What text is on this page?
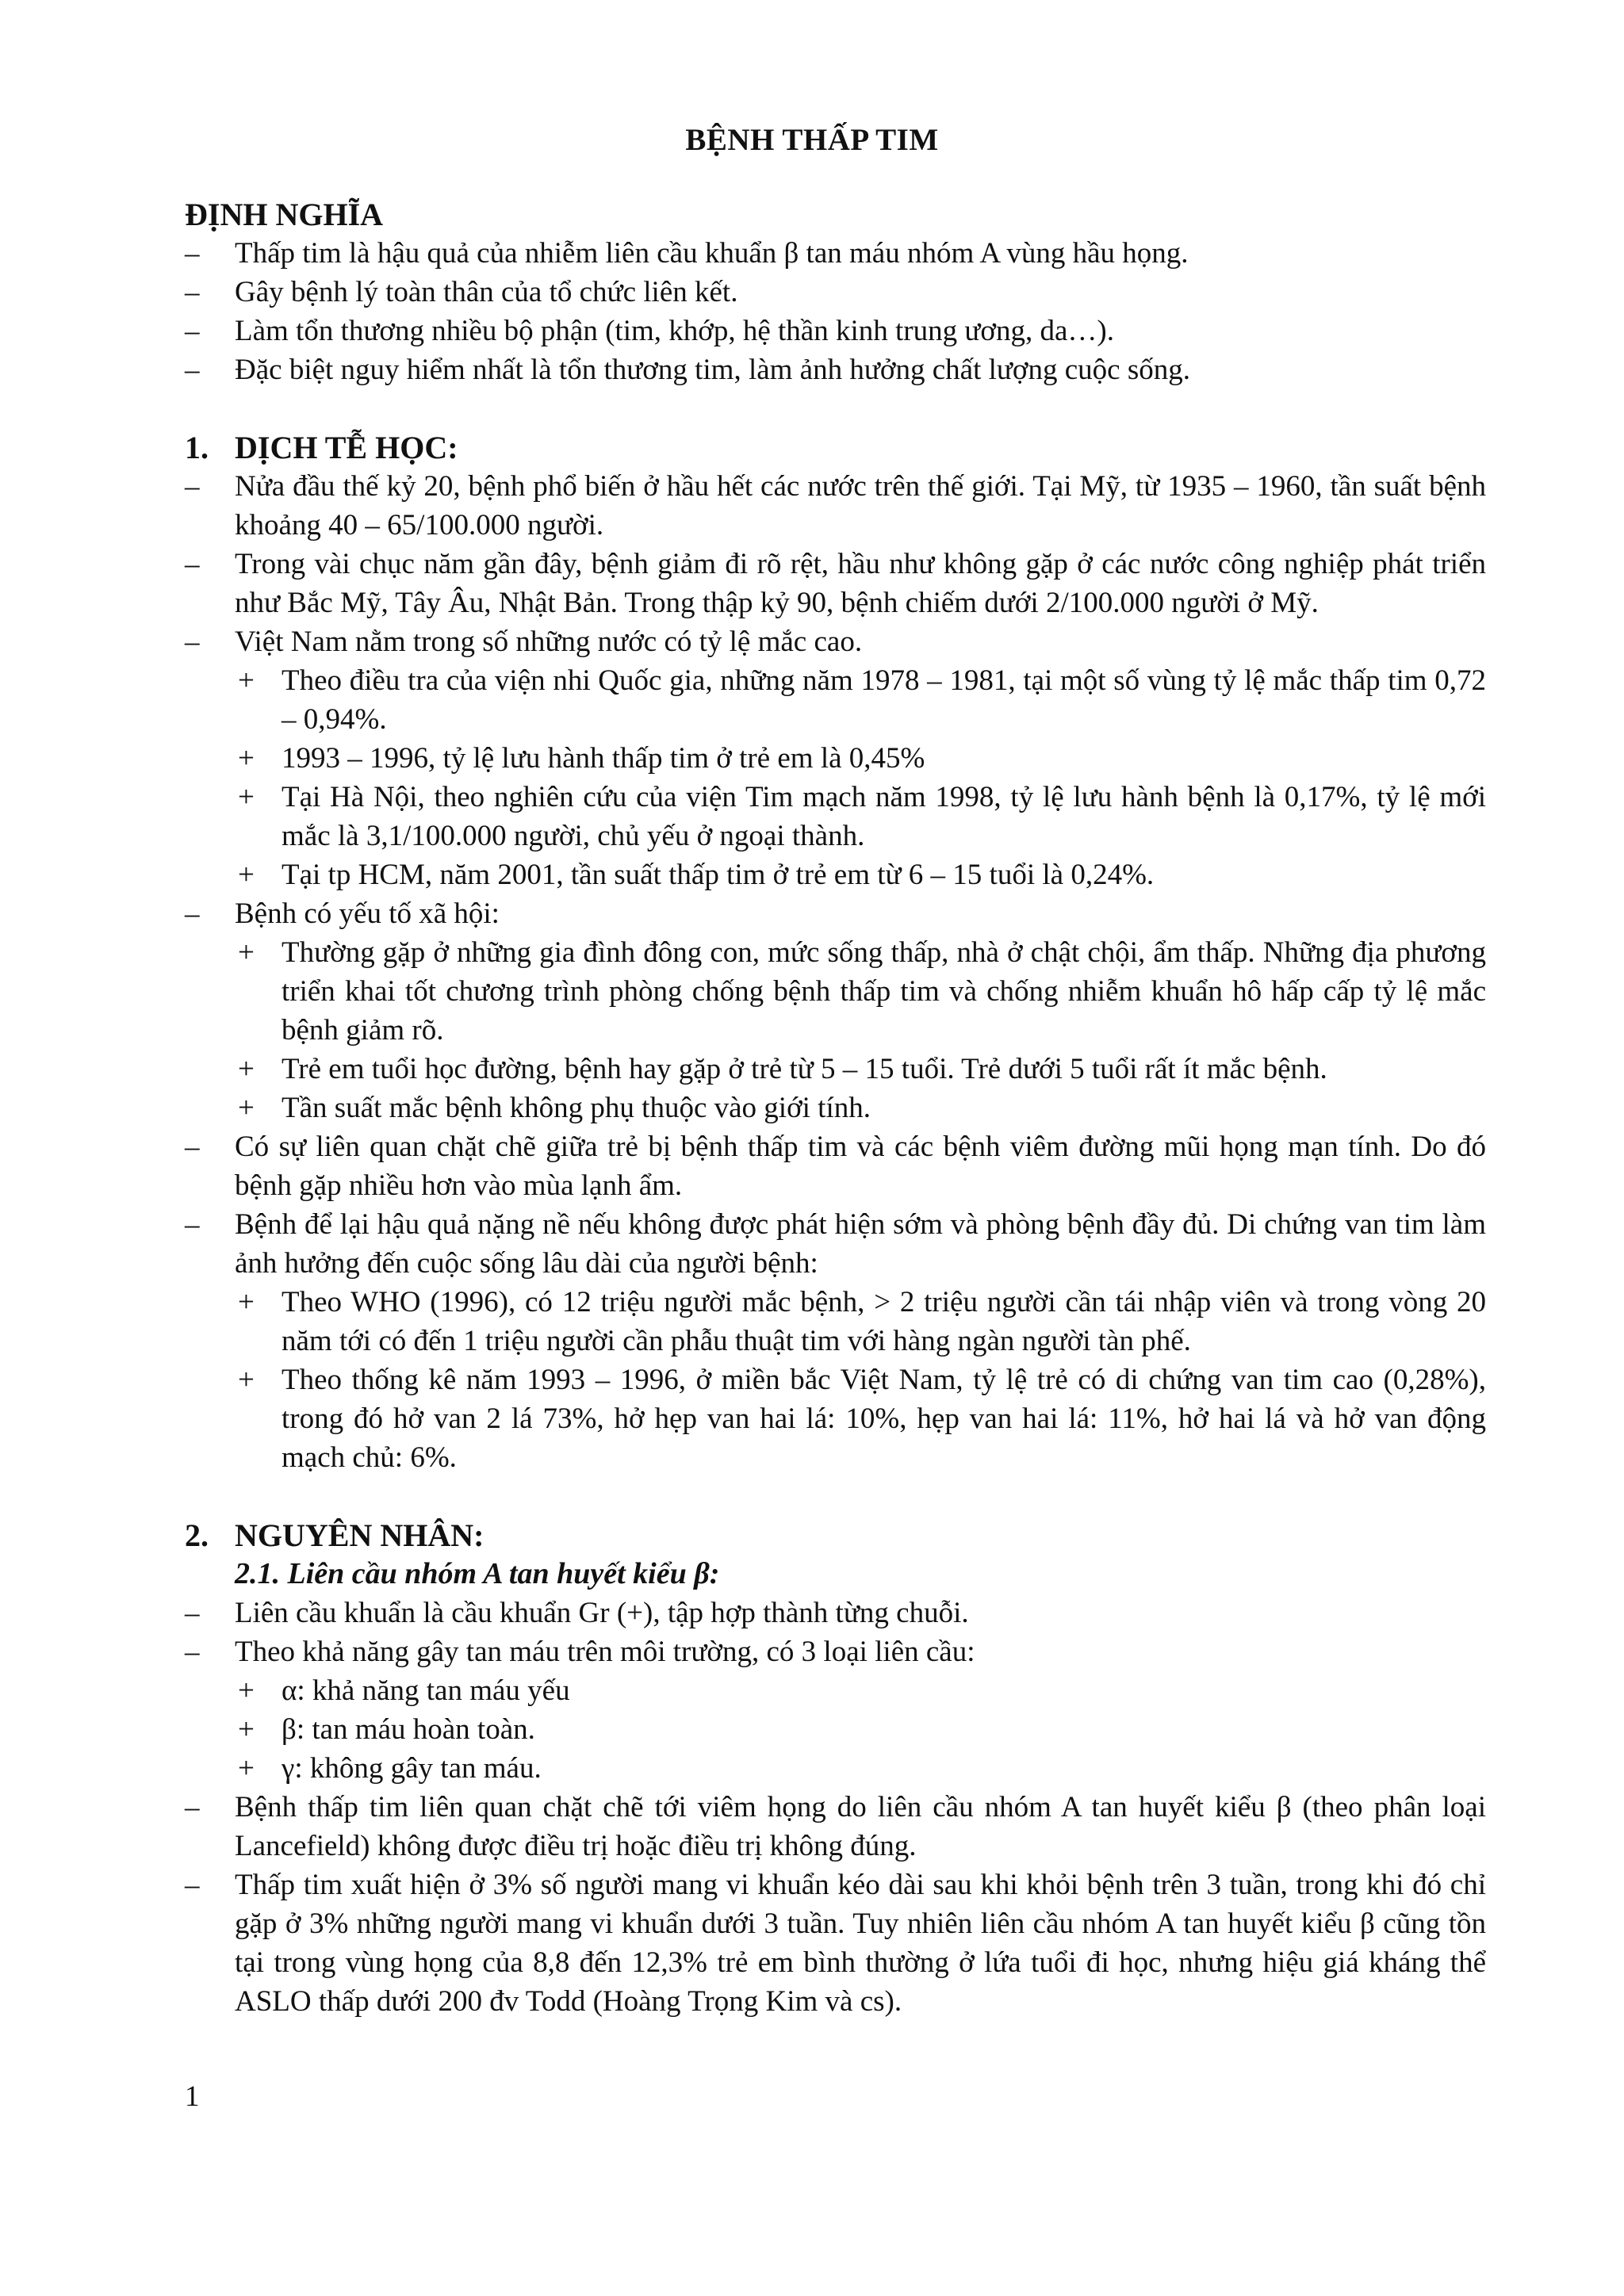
BỆNH THẤP TIM
ĐỊNH NGHĨA
– Thấp tim là hậu quả của nhiễm liên cầu khuẩn β tan máu nhóm A vùng hầu họng.
– Gây bệnh lý toàn thân của tổ chức liên kết.
– Làm tổn thương nhiều bộ phận (tim, khớp, hệ thần kinh trung ương, da…).
– Đặc biệt nguy hiểm nhất là tổn thương tim, làm ảnh hưởng chất lượng cuộc sống.
1. DỊCH TỄ HỌC:
– Nửa đầu thế kỷ 20, bệnh phổ biến ở hầu hết các nước trên thế giới. Tại Mỹ, từ 1935 – 1960, tần suất bệnh khoảng 40 – 65/100.000 người.
– Trong vài chục năm gần đây, bệnh giảm đi rõ rệt, hầu như không gặp ở các nước công nghiệp phát triển như Bắc Mỹ, Tây Âu, Nhật Bản. Trong thập kỷ 90, bệnh chiếm dưới 2/100.000 người ở Mỹ.
– Việt Nam nằm trong số những nước có tỷ lệ mắc cao.
+ Theo điều tra của viện nhi Quốc gia, những năm 1978 – 1981, tại một số vùng tỷ lệ mắc thấp tim 0,72 – 0,94%.
+ 1993 – 1996, tỷ lệ lưu hành thấp tim ở trẻ em là 0,45%
+ Tại Hà Nội, theo nghiên cứu của viện Tim mạch năm 1998, tỷ lệ lưu hành bệnh là 0,17%, tỷ lệ mới mắc là 3,1/100.000 người, chủ yếu ở ngoại thành.
+ Tại tp HCM, năm 2001, tần suất thấp tim ở trẻ em từ 6 – 15 tuổi là 0,24%.
– Bệnh có yếu tố xã hội:
+ Thường gặp ở những gia đình đông con, mức sống thấp, nhà ở chật chội, ẩm thấp. Những địa phương triển khai tốt chương trình phòng chống bệnh thấp tim và chống nhiễm khuẩn hô hấp cấp tỷ lệ mắc bệnh giảm rõ.
+ Trẻ em tuổi học đường, bệnh hay gặp ở trẻ từ 5 – 15 tuổi. Trẻ dưới 5 tuổi rất ít mắc bệnh.
+ Tần suất mắc bệnh không phụ thuộc vào giới tính.
– Có sự liên quan chặt chẽ giữa trẻ bị bệnh thấp tim và các bệnh viêm đường mũi họng mạn tính. Do đó bệnh gặp nhiều hơn vào mùa lạnh ẩm.
– Bệnh để lại hậu quả nặng nề nếu không được phát hiện sớm và phòng bệnh đầy đủ. Di chứng van tim làm ảnh hưởng đến cuộc sống lâu dài của người bệnh:
+ Theo WHO (1996), có 12 triệu người mắc bệnh, > 2 triệu người cần tái nhập viên và trong vòng 20 năm tới có đến 1 triệu người cần phẫu thuật tim với hàng ngàn người tàn phế.
+ Theo thống kê năm 1993 – 1996, ở miền bắc Việt Nam, tỷ lệ trẻ có di chứng van tim cao (0,28%), trong đó hở van 2 lá 73%, hở hẹp van hai lá: 10%, hẹp van hai lá: 11%, hở hai lá và hở van động mạch chủ: 6%.
2. NGUYÊN NHÂN:
2.1. Liên cầu nhóm A tan huyết kiểu β:
– Liên cầu khuẩn là cầu khuẩn Gr (+), tập hợp thành từng chuỗi.
– Theo khả năng gây tan máu trên môi trường, có 3 loại liên cầu:
+ α: khả năng tan máu yếu
+ β: tan máu hoàn toàn.
+ γ: không gây tan máu.
– Bệnh thấp tim liên quan chặt chẽ tới viêm họng do liên cầu nhóm A tan huyết kiểu β (theo phân loại Lancefield) không được điều trị hoặc điều trị không đúng.
– Thấp tim xuất hiện ở 3% số người mang vi khuẩn kéo dài sau khi khỏi bệnh trên 3 tuần, trong khi đó chỉ gặp ở 3% những người mang vi khuẩn dưới 3 tuần. Tuy nhiên liên cầu nhóm A tan huyết kiểu β cũng tồn tại trong vùng họng của 8,8 đến 12,3% trẻ em bình thường ở lứa tuổi đi học, nhưng hiệu giá kháng thể ASLO thấp dưới 200 đv Todd (Hoàng Trọng Kim và cs).
1
